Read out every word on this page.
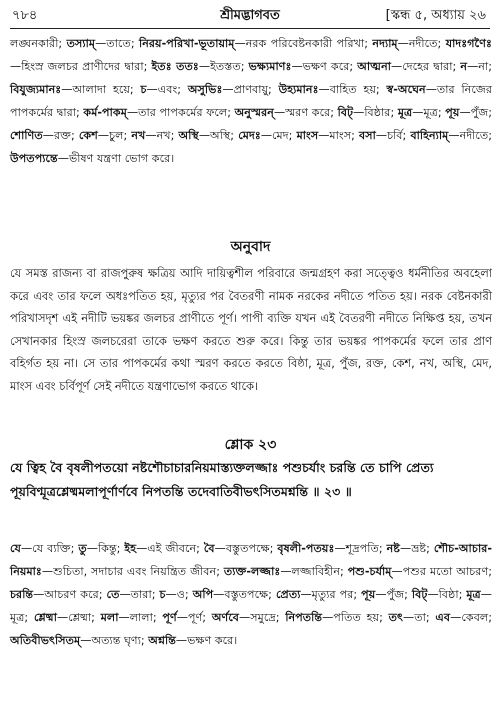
৭৮৪	শ্রীমদ্ভাগবত	[স্কন্ধ ৫, অধ্যায় ২৬

লঙ্ঘনকারী; তস্যাম্—তাতে; নিরয়-পরিখা-ভূতায়াম্—নরক পরিবেষ্টনকারী পরিখা; নদ্যাম্—নদীতে; যাদঃগণৈঃ—হিংস্র জলচর প্রাণীদের দ্বারা; ইতঃ ততঃ—ইতস্তত; ভক্ষ্যমাণঃ—ভক্ষণ করে; আত্মনা—দেহের দ্বারা; ন—না; বিযুজ্যমানঃ—আলাদা হয়ে; চ—এবং; অসুভিঃ—প্রাণবায়ু; উহ্যমানঃ—বাহিত হয়; স্ব-অঘেন—তার নিজের পাপকর্মের দ্বারা; কর্ম-পাকম্—তার পাপকর্মের ফলে; অনুস্মরন্—স্মরণ করে; বিট্—বিষ্ঠার; মূত্র—মূত্র; পূয়—পুঁজ; শোণিত—রক্ত; কেশ—চুল; নখ—নখ; অস্থি—অস্থি; মেদঃ—মেদ; মাংস—মাংস; বসা—চর্বি; বাহিন্যাম্—নদীতে; উপতপ্যন্তে—ভীষণ যন্ত্রণা ভোগ করে।

অনুবাদ

যে সমস্ত রাজন্য বা রাজপুরুষ ক্ষত্রিয় আদি দায়িত্বশীল পরিবারে জন্মগ্রহণ করা সত্ত্বেও ধর্মনীতির অবহেলা করে এবং তার ফলে অধঃপতিত হয়, মৃত্যুর পর বৈতরণী নামক নরকের নদীতে পতিত হয়। নরক বেষ্টনকারী পরিখাসদৃশ এই নদীটি ভয়ঙ্কর জলচর প্রাণীতে পূর্ণ। পাপী ব্যক্তি যখন এই বৈতরণী নদীতে নিক্ষিপ্ত হয়, তখন সেখানকার হিংস্র জলচরেরা তাকে ভক্ষণ করতে শুরু করে। কিন্তু তার ভয়ঙ্কর পাপকর্মের ফলে তার প্রাণ বহির্গত হয় না। সে তার পাপকর্মের কথা স্মরণ করতে করতে বিষ্ঠা, মূত্র, পুঁজ, রক্ত, কেশ, নখ, অস্থি, মেদ, মাংস এবং চর্বিপূর্ণ সেই নদীতে যন্ত্রণাভোগ করতে থাকে।

শ্লোক ২৩

যে ত্বিহ বৈ বৃষলীপতয়ো নষ্টশৌচাচারনিয়মাস্ত্যক্তলজ্জাঃ পশুচর্যাং চরন্তি তে চাপি প্রেত্য পূয়বিণ্মূত্রশ্লেষ্মমলাপূর্ণার্ণবে নিপতন্তি তদেবাতিবীভৎসিতমশ্নন্তি ॥ ২৩ ॥

যে—যে ব্যক্তি; তু—কিন্তু; ইহ—এই জীবনে; বৈ—বস্তুতপক্ষে; বৃষলী-পতয়ঃ—শূদ্রপতি; নষ্ট—ভ্রষ্ট; শৌচ-আচার-নিয়মাঃ—শুচিতা, সদাচার এবং নিয়ন্ত্রিত জীবন; ত্যক্ত-লজ্জাঃ—লজ্জাবিহীন; পশু-চর্যাম্—পশুর মতো আচরণ; চরন্তি—আচরণ করে; তে—তারা; চ—ও; অপি—বস্তুতপক্ষে; প্রেত্য—মৃত্যুর পর; পূয়—পুঁজ; বিট্—বিষ্ঠা; মূত্র—মূত্র; শ্লেষ্মা—শ্লেষ্মা; মলা—লালা; পূর্ণ—পূর্ণ; অর্ণবে—সমুদ্রে; নিপতন্তি—পতিত হয়; তৎ—তা; এব—কেবল; অতিবীভৎসিতম্—অত্যন্ত ঘৃণ্য; অশ্নন্তি—ভক্ষণ করে।
